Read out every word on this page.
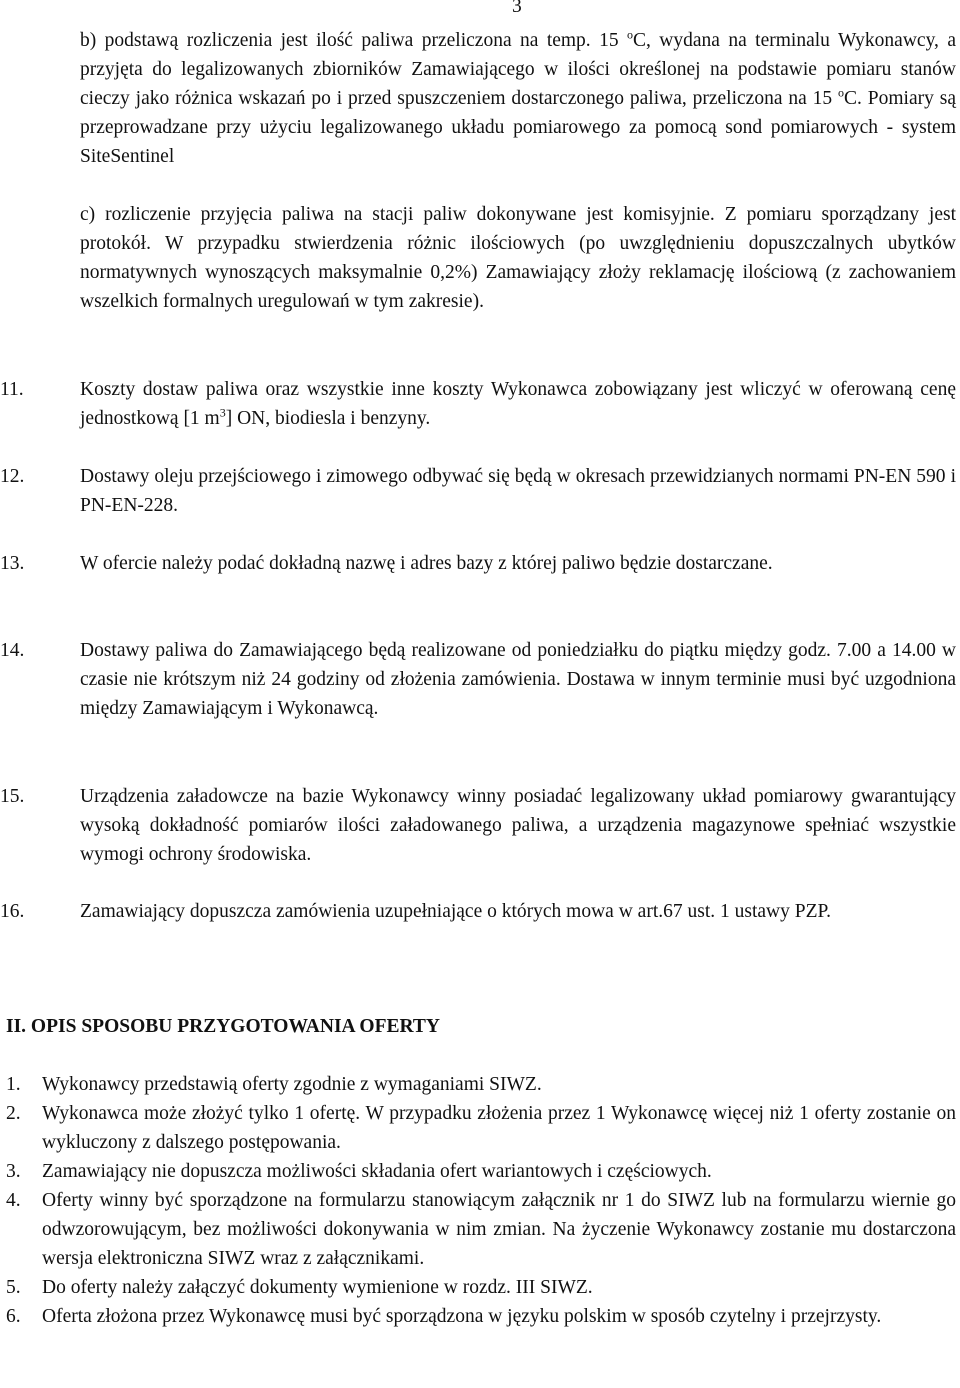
3
b) podstawą rozliczenia jest ilość paliwa przeliczona na temp. 15 $^o$C, wydana na terminalu Wykonawcy, a przyjęta do legalizowanych zbiorników Zamawiającego w ilości określonej na podstawie pomiaru stanów cieczy jako różnica wskazań po i przed spuszczeniem dostarczonego paliwa, przeliczona na 15 $^o$C. Pomiary są przeprowadzane przy użyciu legalizowanego układu pomiarowego za pomocą sond pomiarowych - system SiteSentinel
c) rozliczenie przyjęcia paliwa na stacji paliw dokonywane jest komisyjnie. Z pomiaru sporządzany jest protokół. W przypadku stwierdzenia różnic ilościowych (po uwzględnieniu dopuszczalnych ubytków normatywnych wynoszących maksymalnie 0,2%) Zamawiający złoży reklamację ilościową (z zachowaniem wszelkich formalnych uregulowań w tym zakresie).
11.	Koszty dostaw paliwa oraz wszystkie inne koszty Wykonawca zobowiązany jest wliczyć w oferowaną cenę jednostkową [1 $m^3$] ON, biodiesla i benzyny.
12.	Dostawy oleju przejściowego i zimowego odbywać się będą w okresach przewidzianych normami PN-EN 590 i PN-EN-228.
13.	W ofercie należy podać dokładną nazwę i adres bazy z której paliwo będzie dostarczane.
14.	Dostawy paliwa do Zamawiającego będą realizowane od poniedziałku do piątku między godz. 7.00 a 14.00 w czasie nie krótszym niż 24 godziny od złożenia zamówienia. Dostawa w innym terminie musi być uzgodniona między Zamawiającym i Wykonawcą.
15.	Urządzenia załadowcze na bazie Wykonawcy winny posiadać legalizowany układ pomiarowy gwarantujący wysoką dokładność pomiarów ilości załadowanego paliwa, a urządzenia magazynowe spełniać wszystkie wymogi ochrony środowiska.
16.	Zamawiający dopuszcza zamówienia uzupełniające o których mowa w art.67 ust. 1 ustawy PZP.
II. OPIS SPOSOBU PRZYGOTOWANIA OFERTY
1. Wykonawcy przedstawią oferty zgodnie z wymaganiami SIWZ.
2. Wykonawca może złożyć tylko 1 ofertę. W przypadku złożenia przez 1 Wykonawcę więcej niż 1 oferty zostanie on wykluczony z dalszego postępowania.
3. Zamawiający nie dopuszcza możliwości składania ofert wariantowych i częściowych.
4. Oferty winny być sporządzone na formularzu stanowiącym załącznik nr 1 do SIWZ lub na formularzu wiernie go odwzorowującym, bez możliwości dokonywania w nim zmian. Na życzenie Wykonawcy zostanie mu dostarczona wersja elektroniczna SIWZ wraz z załącznikami.
5. Do oferty należy załączyć dokumenty wymienione w rozdz. III SIWZ.
6. Oferta złożona przez Wykonawcę musi być sporządzona w języku polskim w sposób czytelny i przejrzysty.
